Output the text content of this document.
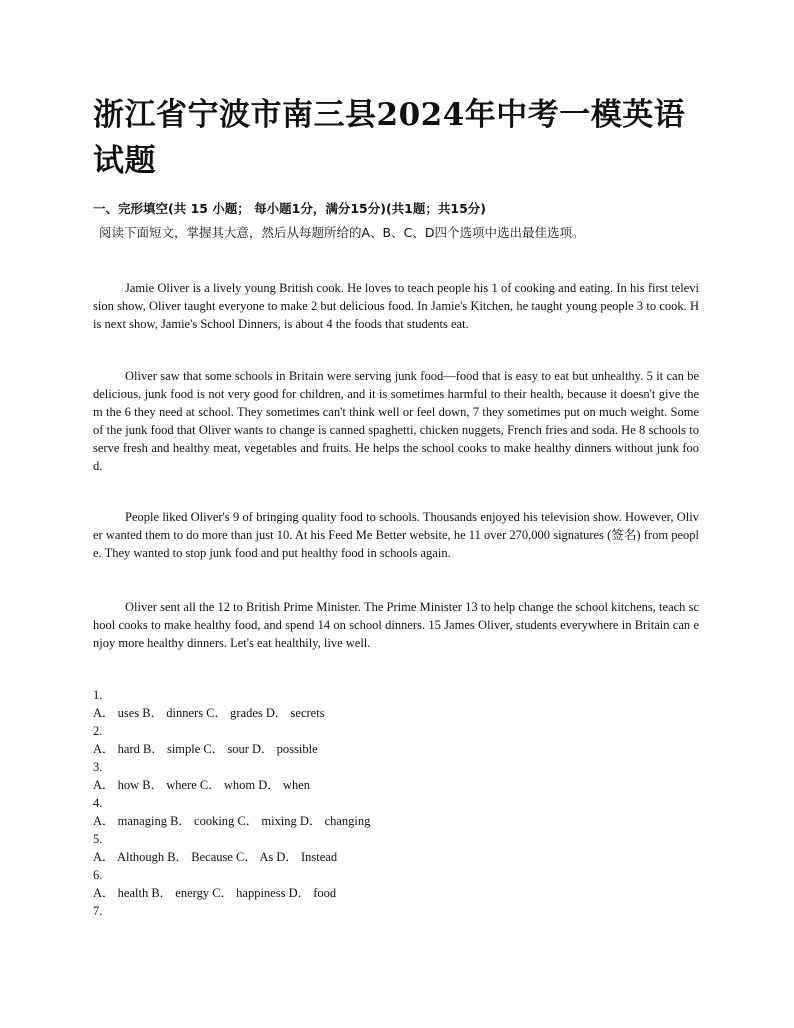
浙江省宁波市南三县2024年中考一模英语试题
一、完形填空(共 15 小题； 每小题1分，满分15分)(共1题；共15分)
阅读下面短文，掌握其大意，然后从每题所给的A、B、C、D四个选项中选出最佳选项。

Jamie Oliver is a lively young British cook. He loves to teach people his 1 of cooking and eating. In his first television show, Oliver taught everyone to make 2 but delicious food. In Jamie's Kitchen, he taught young people 3 to cook. His next show, Jamie's School Dinners, is about 4 the foods that students eat.

Oliver saw that some schools in Britain were serving junk food—food that is easy to eat but unhealthy. 5 it can be delicious, junk food is not very good for children, and it is sometimes harmful to their health, because it doesn't give them the 6 they need at school. They sometimes can't think well or feel down, 7 they sometimes put on much weight. Some of the junk food that Oliver wants to change is canned spaghetti, chicken nuggets, French fries and soda. He 8 schools to serve fresh and healthy meat, vegetables and fruits. He helps the school cooks to make healthy dinners without junk food.

People liked Oliver's 9 of bringing quality food to schools. Thousands enjoyed his television show. However, Oliver wanted them to do more than just 10. At his Feed Me Better website, he 11 over 270,000 signatures (签名) from people. They wanted to stop junk food and put healthy food in schools again.

Oliver sent all the 12 to British Prime Minister. The Prime Minister 13 to help change the school kitchens, teach school cooks to make healthy food, and spend 14 on school dinners. 15 James Oliver, students everywhere in Britain can enjoy more healthy dinners. Let's eat healthily, live well.

1.
A． uses B． dinners C． grades D． secrets
2.
A． hard B． simple C． sour D． possible
3.
A． how B． where C． whom D． when
4.
A． managing B． cooking C． mixing D． changing
5.
A． Although B． Because C． As D． Instead
6.
A． health B． energy C． happiness D． food
7.
